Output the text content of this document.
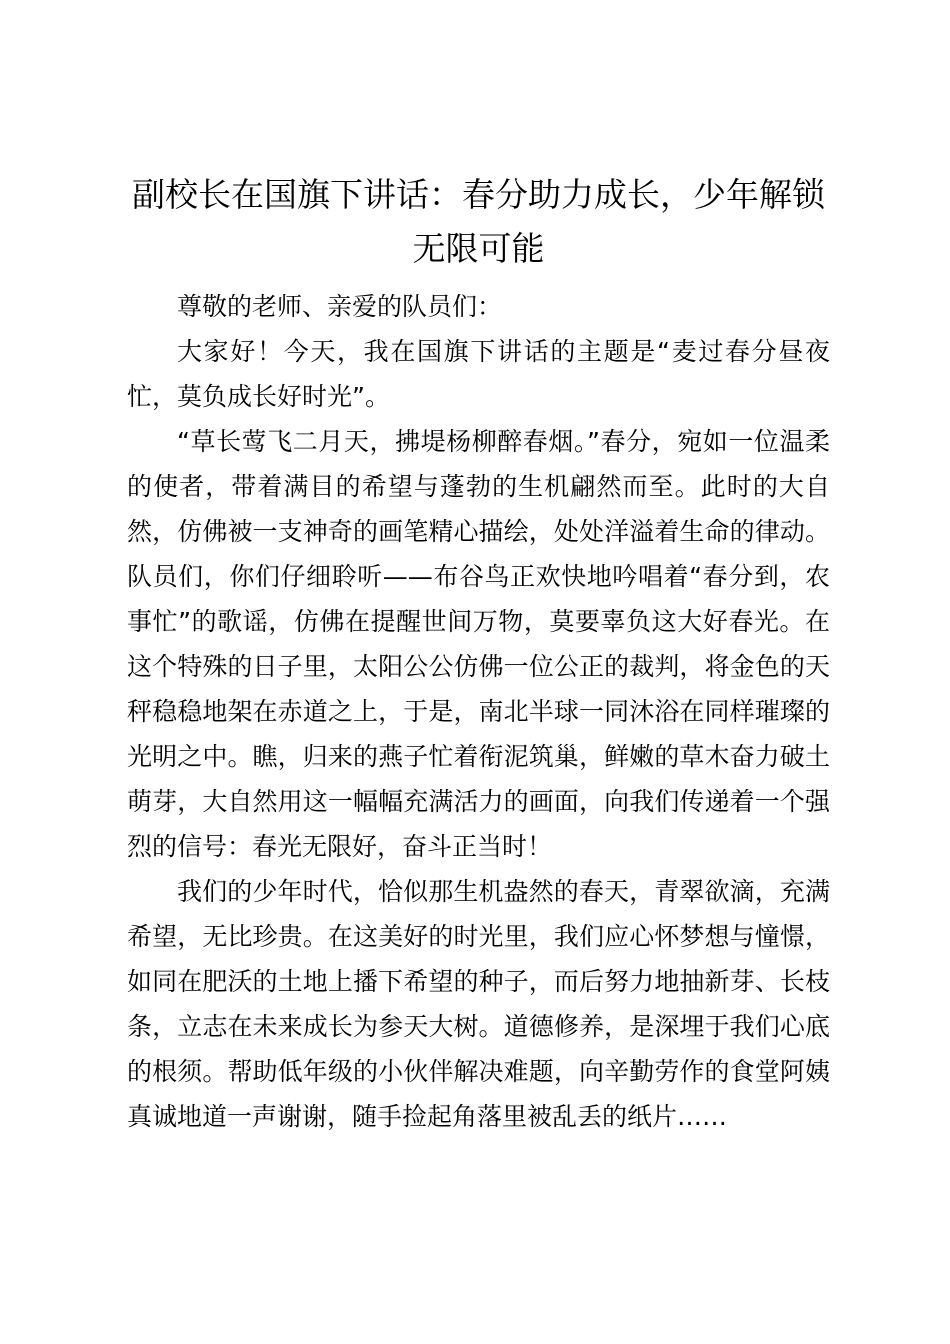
副校长在国旗下讲话：春分助力成长，少年解锁无限可能

尊敬的老师、亲爱的队员们：

大家好！今天，我在国旗下讲话的主题是“麦过春分昼夜忙，莫负成长好时光”。

“草长莺飞二月天，拂堤杨柳醉春烟。”春分，宛如一位温柔的使者，带着满目的希望与蓬勃的生机翩然而至。此时的大自然，仿佛被一支神奇的画笔精心描绘，处处洋溢着生命的律动。队员们，你们仔细聆听——布谷鸟正欢快地吟唱着“春分到，农事忙”的歌谣，仿佛在提醒世间万物，莫要辜负这大好春光。在这个特殊的日子里，太阳公公仿佛一位公正的裁判，将金色的天秤稳稳地架在赤道之上，于是，南北半球一同沐浴在同样璀璨的光明之中。瞧，归来的燕子忙着衔泥筑巢，鲜嫩的草木奋力破土萌芽，大自然用这一幅幅充满活力的画面，向我们传递着一个强烈的信号：春光无限好，奋斗正当时！

我们的少年时代，恰似那生机盎然的春天，青翠欲滴，充满希望，无比珍贵。在这美好的时光里，我们应心怀梦想与憧憬，如同在肥沃的土地上播下希望的种子，而后努力地抽新芽、长枝条，立志在未来成长为参天大树。道德修养，是深埋于我们心底的根须。帮助低年级的小伙伴解决难题，向辛勤劳作的食堂阿姨真诚地道一声谢谢，随手捡起角落里被乱丢的纸片……
